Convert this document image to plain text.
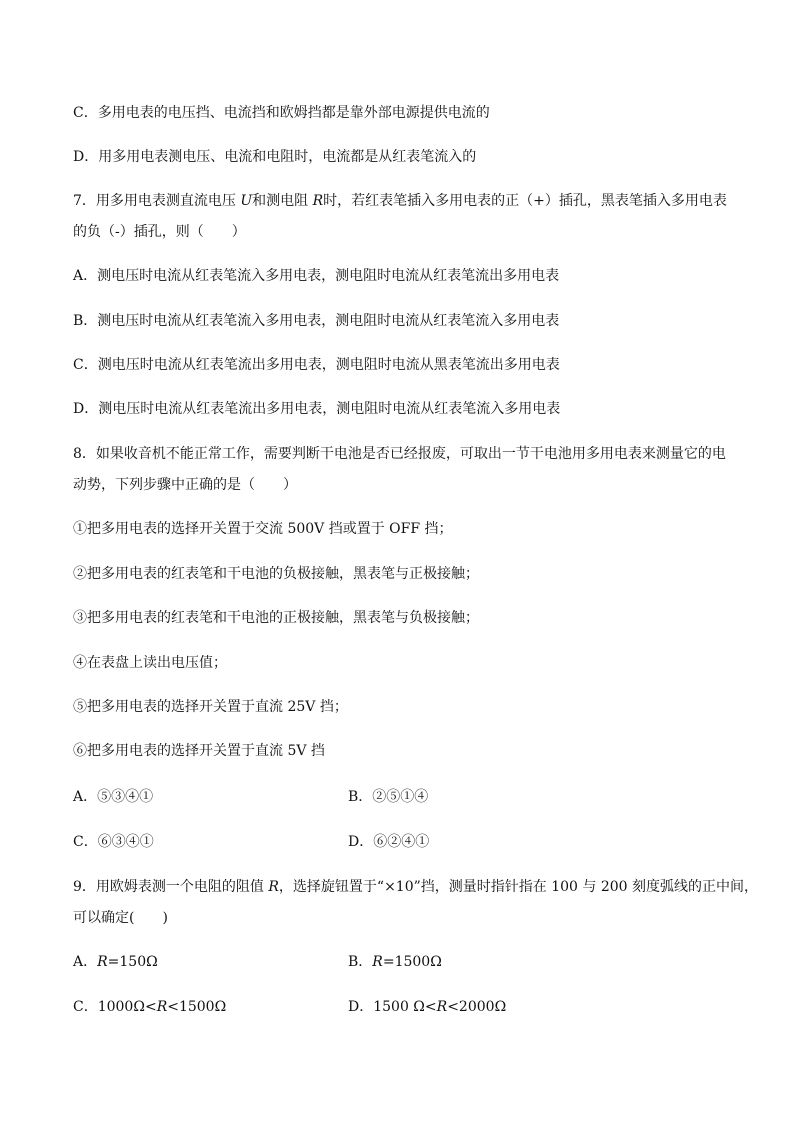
C．多用电表的电压挡、电流挡和欧姆挡都是靠外部电源提供电流的
D．用多用电表测电压、电流和电阻时，电流都是从红表笔流入的
7．用多用电表测直流电压 U和测电阻 R时，若红表笔插入多用电表的正（+）插孔，黑表笔插入多用电表
的负（-）插孔，则（　　）
A．测电压时电流从红表笔流入多用电表，测电阻时电流从红表笔流出多用电表
B．测电压时电流从红表笔流入多用电表，测电阻时电流从红表笔流入多用电表
C．测电压时电流从红表笔流出多用电表，测电阻时电流从黑表笔流出多用电表
D．测电压时电流从红表笔流出多用电表，测电阻时电流从红表笔流入多用电表
8．如果收音机不能正常工作，需要判断干电池是否已经报废，可取出一节干电池用多用电表来测量它的电
动势，下列步骤中正确的是（　　）
①把多用电表的选择开关置于交流 500V 挡或置于 OFF 挡；
②把多用电表的红表笔和干电池的负极接触，黑表笔与正极接触；
③把多用电表的红表笔和干电池的正极接触，黑表笔与负极接触；
④在表盘上读出电压值；
⑤把多用电表的选择开关置于直流 25V 挡；
⑥把多用电表的选择开关置于直流 5V 挡
A．⑤③④①	B．②⑤①④
C．⑥③④①	D．⑥②④①
9．用欧姆表测一个电阻的阻值 R，选择旋钮置于“×10”挡，测量时指针指在 100 与 200 刻度弧线的正中间，
可以确定(　　)
A．R=150Ω	B．R=1500Ω
C．1000Ω<R<1500Ω	D．1500 Ω<R<2000Ω
